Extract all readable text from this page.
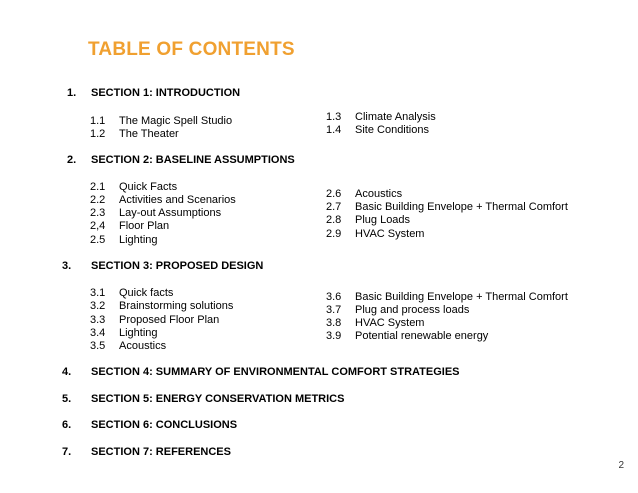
TABLE OF CONTENTS
1. SECTION 1: INTRODUCTION
2. SECTION 2: BASELINE ASSUMPTIONS
3. SECTION 3: PROPOSED DESIGN
4. SECTION 4: SUMMARY OF ENVIRONMENTAL COMFORT STRATEGIES
5. SECTION 5: ENERGY CONSERVATION METRICS
6. SECTION 6: CONCLUSIONS
7. SECTION 7: REFERENCES
1.1 The Magic Spell Studio
1.2 The Theater
1.3 Climate Analysis
1.4 Site Conditions
2.1 Quick Facts
2.2 Activities and Scenarios
2.3 Lay-out Assumptions
2,4 Floor Plan
2.5 Lighting
2.6 Acoustics
2.7 Basic Building Envelope + Thermal Comfort
2.8 Plug Loads
2.9 HVAC System
3.1 Quick facts
3.2 Brainstorming solutions
3.3 Proposed Floor Plan
3.4 Lighting
3.5 Acoustics
3.6 Basic Building Envelope + Thermal Comfort
3.7 Plug and process loads
3.8 HVAC System
3.9 Potential renewable energy
2
